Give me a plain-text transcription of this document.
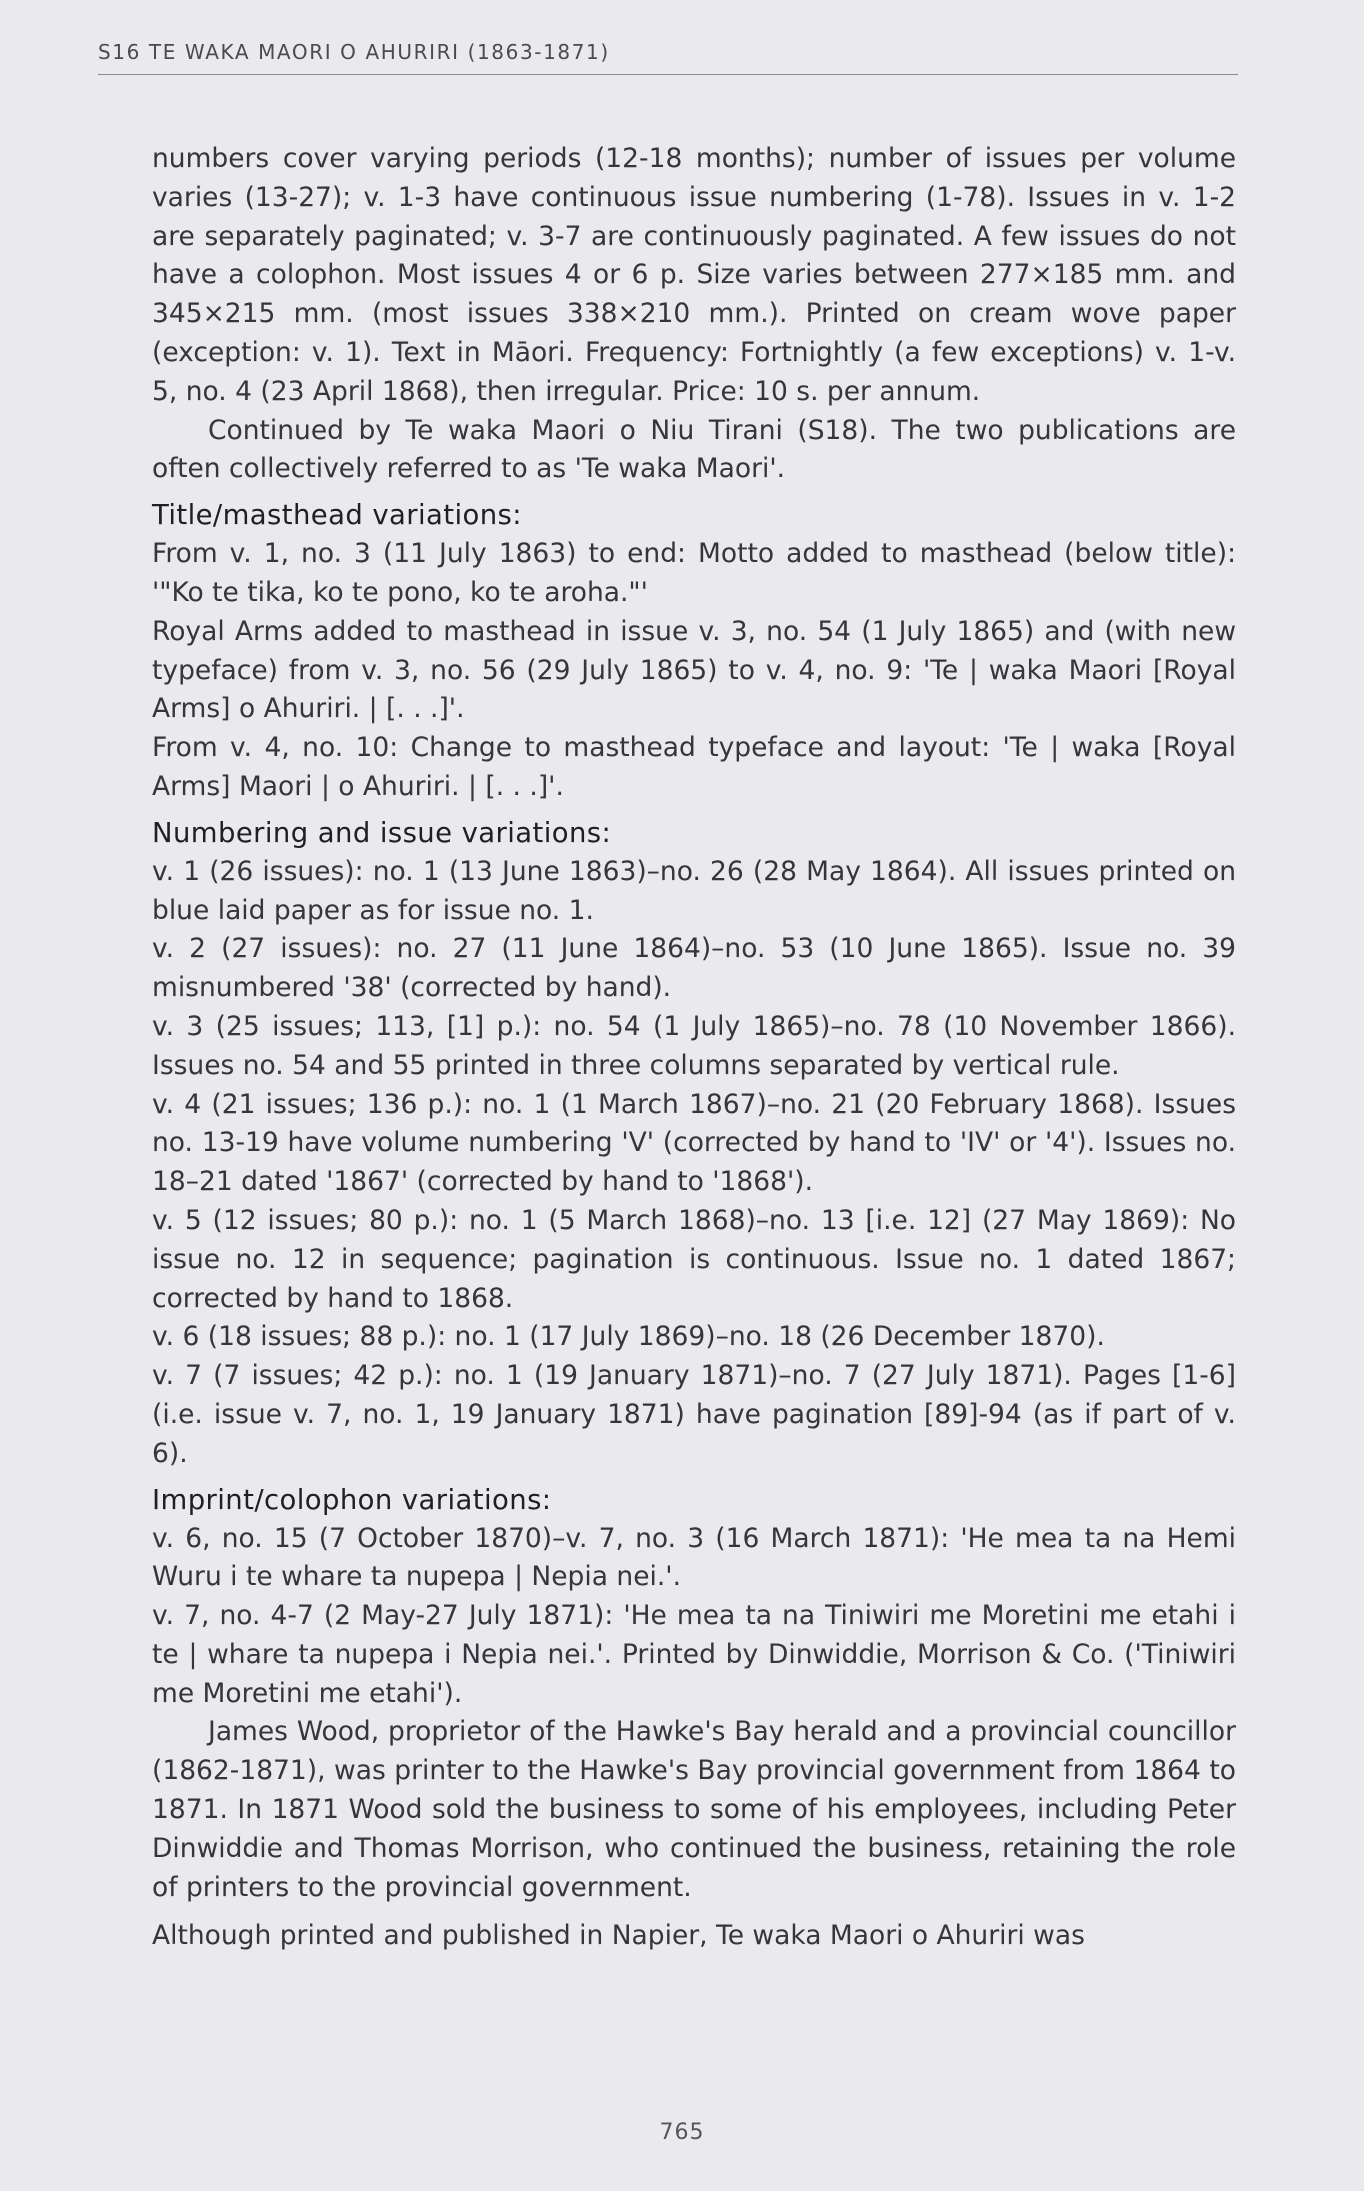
S16 TE WAKA MAORI O AHURIRI (1863-1871)

numbers cover varying periods (12-18 months); number of issues per volume varies (13-27); v. 1-3 have continuous issue numbering (1-78). Issues in v. 1-2 are separately paginated; v. 3-7 are continuously paginated. A few issues do not have a colophon. Most issues 4 or 6 p. Size varies between 277×185 mm. and 345×215 mm. (most issues 338×210 mm.). Printed on cream wove paper (exception: v. 1). Text in Māori. Frequency: Fortnightly (a few exceptions) v. 1-v. 5, no. 4 (23 April 1868), then irregular. Price: 10 s. per annum.

Continued by Te waka Maori o Niu Tirani (S18). The two publications are often collectively referred to as 'Te waka Maori'.

Title/masthead variations:

From v. 1, no. 3 (11 July 1863) to end: Motto added to masthead (below title): '"Ko te tika, ko te pono, ko te aroha."'

Royal Arms added to masthead in issue v. 3, no. 54 (1 July 1865) and (with new typeface) from v. 3, no. 56 (29 July 1865) to v. 4, no. 9: 'Te | waka Maori [Royal Arms] o Ahuriri. | [. . .]'.

From v. 4, no. 10: Change to masthead typeface and layout: 'Te | waka [Royal Arms] Maori | o Ahuriri. | [. . .]'.

Numbering and issue variations:

v. 1 (26 issues): no. 1 (13 June 1863)–no. 26 (28 May 1864). All issues printed on blue laid paper as for issue no. 1.

v. 2 (27 issues): no. 27 (11 June 1864)–no. 53 (10 June 1865). Issue no. 39 misnumbered '38' (corrected by hand).

v. 3 (25 issues; 113, [1] p.): no. 54 (1 July 1865)–no. 78 (10 November 1866). Issues no. 54 and 55 printed in three columns separated by vertical rule.

v. 4 (21 issues; 136 p.): no. 1 (1 March 1867)–no. 21 (20 February 1868). Issues no. 13-19 have volume numbering 'V' (corrected by hand to 'IV' or '4'). Issues no. 18–21 dated '1867' (corrected by hand to '1868').

v. 5 (12 issues; 80 p.): no. 1 (5 March 1868)–no. 13 [i.e. 12] (27 May 1869): No issue no. 12 in sequence; pagination is continuous. Issue no. 1 dated 1867; corrected by hand to 1868.

v. 6 (18 issues; 88 p.): no. 1 (17 July 1869)–no. 18 (26 December 1870).

v. 7 (7 issues; 42 p.): no. 1 (19 January 1871)–no. 7 (27 July 1871). Pages [1-6] (i.e. issue v. 7, no. 1, 19 January 1871) have pagination [89]-94 (as if part of v. 6).

Imprint/colophon variations:

v. 6, no. 15 (7 October 1870)–v. 7, no. 3 (16 March 1871): 'He mea ta na Hemi Wuru i te whare ta nupepa | Nepia nei.'.

v. 7, no. 4-7 (2 May-27 July 1871): 'He mea ta na Tiniwiri me Moretini me etahi i te | whare ta nupepa i Nepia nei.'. Printed by Dinwiddie, Morrison & Co. ('Tiniwiri me Moretini me etahi').

James Wood, proprietor of the Hawke's Bay herald and a provincial councillor (1862-1871), was printer to the Hawke's Bay provincial government from 1864 to 1871. In 1871 Wood sold the business to some of his employees, including Peter Dinwiddie and Thomas Morrison, who continued the business, retaining the role of printers to the provincial government.

Although printed and published in Napier, Te waka Maori o Ahuriri was

765
